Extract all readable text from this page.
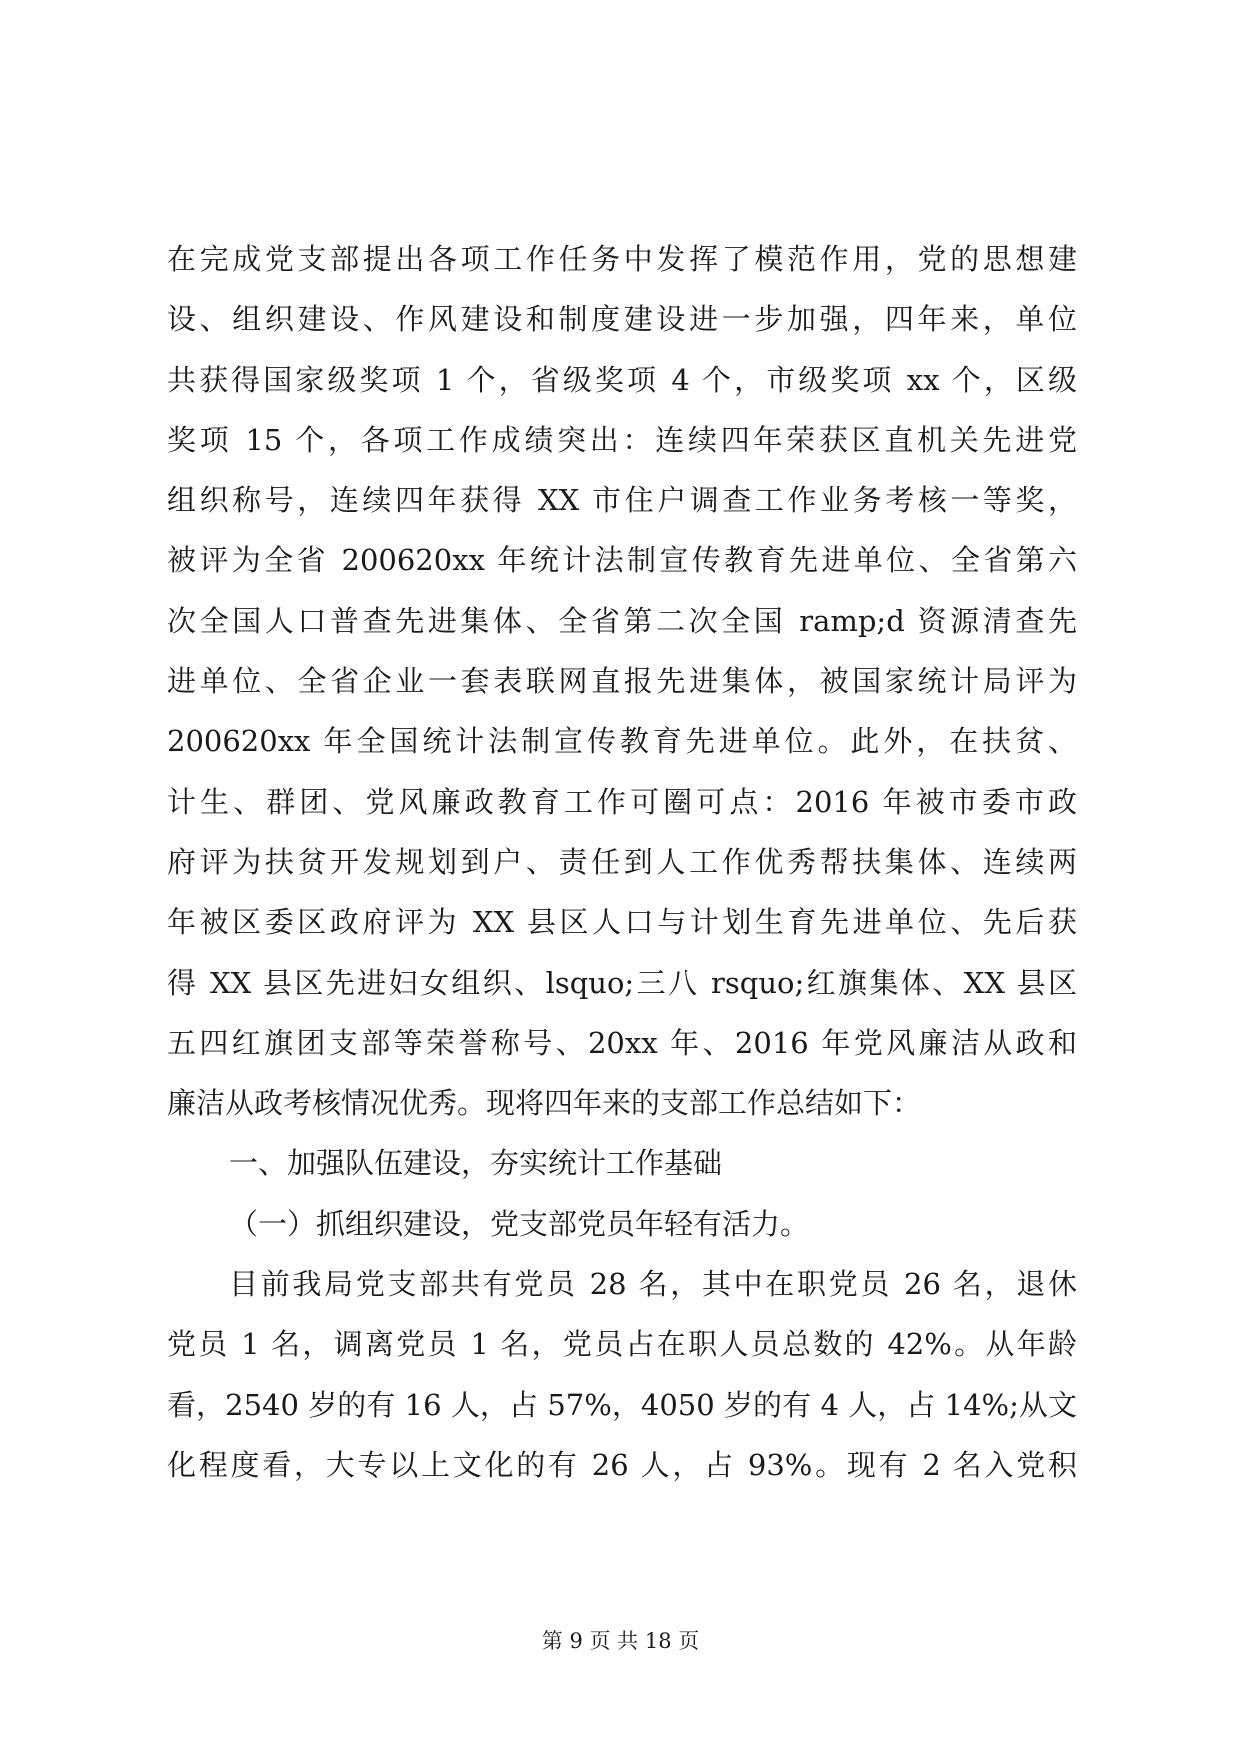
在完成党支部提出各项工作任务中发挥了模范作用，党的思想建
设、组织建设、作风建设和制度建设进一步加强，四年来，单位
共获得国家级奖项 1 个，省级奖项 4 个，市级奖项 xx 个，区级
奖项 15 个，各项工作成绩突出：连续四年荣获区直机关先进党
组织称号，连续四年获得 XX 市住户调查工作业务考核一等奖，
被评为全省 200620xx 年统计法制宣传教育先进单位、全省第六
次全国人口普查先进集体、全省第二次全国 ramp;d 资源清查先
进单位、全省企业一套表联网直报先进集体，被国家统计局评为
200620xx 年全国统计法制宣传教育先进单位。此外，在扶贫、
计生、群团、党风廉政教育工作可圈可点：2016 年被市委市政
府评为扶贫开发规划到户、责任到人工作优秀帮扶集体、连续两
年被区委区政府评为 XX 县区人口与计划生育先进单位、先后获
得 XX 县区先进妇女组织、lsquo;三八 rsquo;红旗集体、XX 县区
五四红旗团支部等荣誉称号、20xx 年、2016 年党风廉洁从政和
廉洁从政考核情况优秀。现将四年来的支部工作总结如下：
一、加强队伍建设，夯实统计工作基础
（一）抓组织建设，党支部党员年轻有活力。
目前我局党支部共有党员 28 名，其中在职党员 26 名，退休
党员 1 名，调离党员 1 名，党员占在职人员总数的 42%。从年龄
看，2540 岁的有 16 人，占 57%，4050 岁的有 4 人，占 14%;从文
化程度看，大专以上文化的有 26 人，占 93%。现有 2 名入党积
第 9 页 共 18 页
